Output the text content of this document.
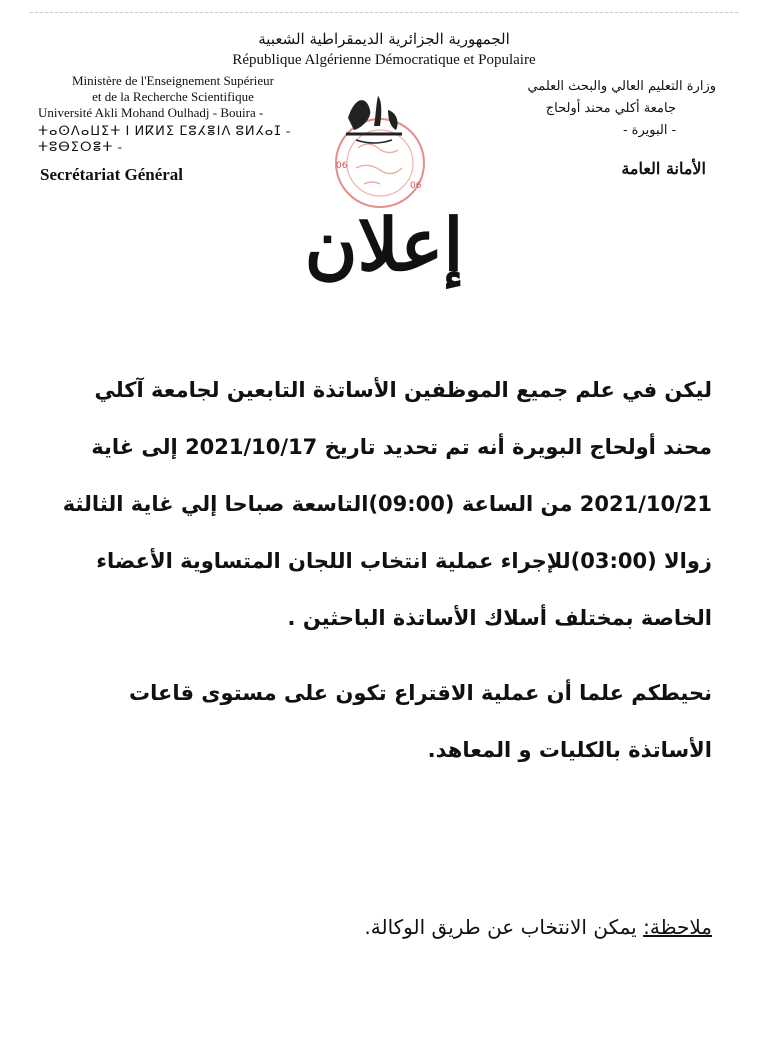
الجمهورية الجزائرية الديمقراطية الشعبية
République Algérienne Démocratique et Populaire
Ministère de l'Enseignement Supérieur
et de la Recherche Scientifique
Université Akli Mohand Oulhadj - Bouira -
ⵜⴰⵙⴷⴰⵡⵉⵜ ⵏ ⵍⴽⵍⵉ ⵎⵓⵃⴻⵏⴷ ⵓⵍⵃⴰⵊ - ⵜⵓⴱⵉⵔⴻⵜ -
Secrétariat Général
وزارة التعليم العالي والبحث العلمي
جامعة أكلي محند أولحاج
- البويرة -
الأمانة العامة
06
06
إعلان
ليكن في علم جميع الموظفين الأساتذة التابعين لجامعة آكلي محند أولحاج البويرة أنه تم تحديد تاريخ 2021/10/17 إلى غاية 2021/10/21 من الساعة (09:00)التاسعة صباحا إلي غاية الثالثة زوالا (03:00)للإجراء عملية انتخاب اللجان المتساوية الأعضاء الخاصة بمختلف أسلاك الأساتذة الباحثين .
نحيطكم علما أن عملية الاقتراع تكون على مستوى قاعات الأساتذة بالكليات و المعاهد.
ملاحظة: يمكن الانتخاب عن طريق الوكالة.
